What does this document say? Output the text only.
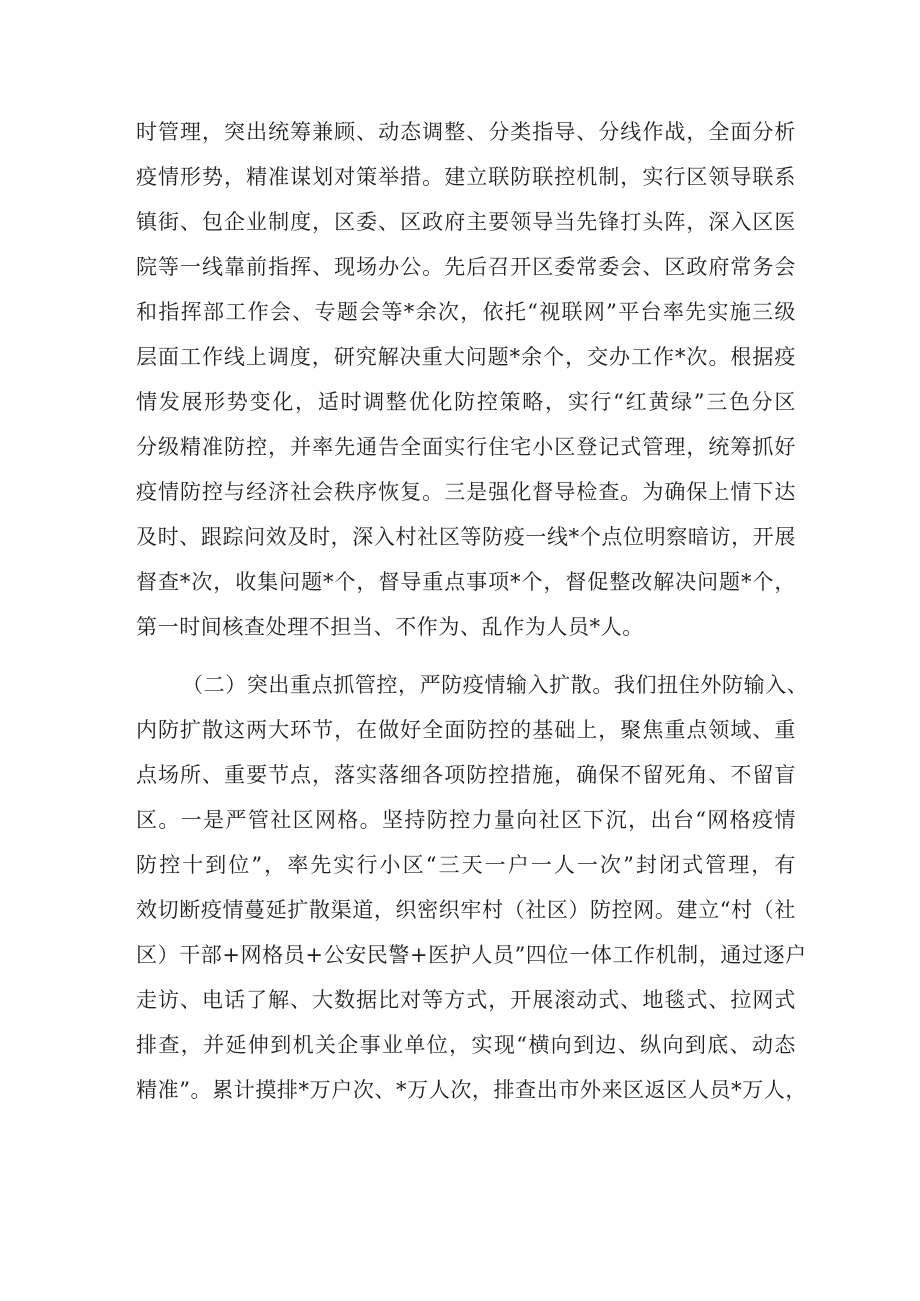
时管理，突出统筹兼顾、动态调整、分类指导、分线作战，全面分析
疫情形势，精准谋划对策举措。建立联防联控机制，实行区领导联系
镇街、包企业制度，区委、区政府主要领导当先锋打头阵，深入区医
院等一线靠前指挥、现场办公。先后召开区委常委会、区政府常务会
和指挥部工作会、专题会等*余次，依托“视联网”平台率先实施三级
层面工作线上调度，研究解决重大问题*余个，交办工作*次。根据疫
情发展形势变化，适时调整优化防控策略，实行“红黄绿”三色分区
分级精准防控，并率先通告全面实行住宅小区登记式管理，统筹抓好
疫情防控与经济社会秩序恢复。三是强化督导检查。为确保上情下达
及时、跟踪问效及时，深入村社区等防疫一线*个点位明察暗访，开展
督查*次，收集问题*个，督导重点事项*个，督促整改解决问题*个，
第一时间核查处理不担当、不作为、乱作为人员*人。
（二）突出重点抓管控，严防疫情输入扩散。我们扭住外防输入、
内防扩散这两大环节，在做好全面防控的基础上，聚焦重点领域、重
点场所、重要节点，落实落细各项防控措施，确保不留死角、不留盲
区。一是严管社区网格。坚持防控力量向社区下沉，出台“网格疫情
防控十到位”，率先实行小区“三天一户一人一次”封闭式管理，有
效切断疫情蔓延扩散渠道，织密织牢村（社区）防控网。建立“村（社
区）干部+网格员+公安民警+医护人员”四位一体工作机制，通过逐户
走访、电话了解、大数据比对等方式，开展滚动式、地毯式、拉网式
排查，并延伸到机关企事业单位，实现“横向到边、纵向到底、动态
精准”。累计摸排*万户次、*万人次，排查出市外来区返区人员*万人，
